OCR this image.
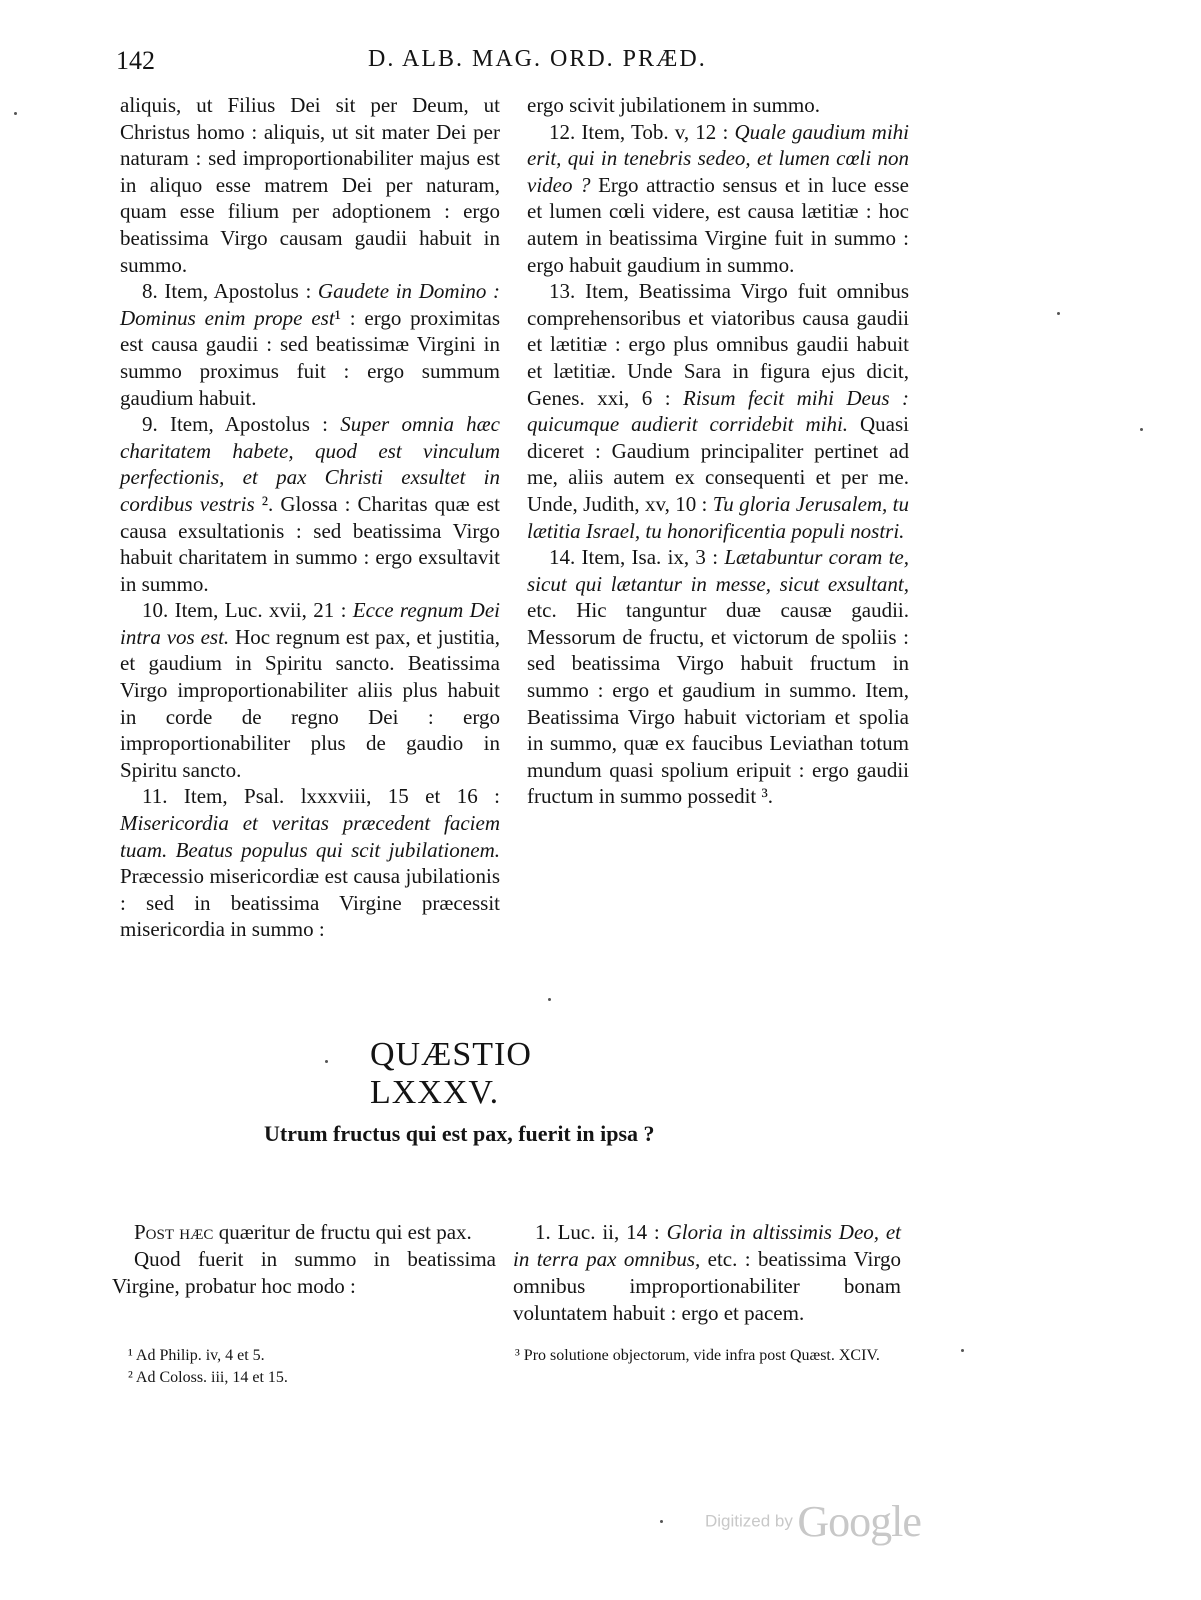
142	D. ALB. MAG. ORD. PRÆD.

aliquis, ut Filius Dei sit per Deum, ut Christus homo : aliquis, ut sit mater Dei per naturam : sed improportionabiliter majus est in aliquo esse matrem Dei per naturam, quam esse filium per adoptionem : ergo beatissima Virgo causam gaudii habuit in summo.

8. Item, Apostolus : Gaudete in Domino : Dominus enim prope est¹ : ergo proximitas est causa gaudii : sed beatissimæ Virgini in summo proximus fuit : ergo summum gaudium habuit.

9. Item, Apostolus : Super omnia hæc charitatem habete, quod est vinculum perfectionis, et pax Christi exsultet in cordibus vestris ². Glossa : Charitas quæ est causa exsultationis : sed beatissima Virgo habuit charitatem in summo : ergo exsultavit in summo.

10. Item, Luc. xvii, 21 : Ecce regnum Dei intra vos est. Hoc regnum est pax, et justitia, et gaudium in Spiritu sancto. Beatissima Virgo improportionabiliter aliis plus habuit in corde de regno Dei : ergo improportionabiliter plus de gaudio in Spiritu sancto.

11. Item, Psal. lxxxviii, 15 et 16 : Misericordia et veritas præcedent faciem tuam. Beatus populus qui scit jubilationem. Præcessio misericordiæ est causa jubilationis : sed in beatissima Virgine præcessit misericordia in summo :

ergo scivit jubilationem in summo.

12. Item, Tob. v, 12 : Quale gaudium mihi erit, qui in tenebris sedeo, et lumen cœli non video ? Ergo attractio sensus et in luce esse et lumen cœli videre, est causa lætitiæ : hoc autem in beatissima Virgine fuit in summo : ergo habuit gaudium in summo.

13. Item, Beatissima Virgo fuit omnibus comprehensoribus et viatoribus causa gaudii et lætitiæ : ergo plus omnibus gaudii habuit et lætitiæ. Unde Sara in figura ejus dicit, Genes. xxi, 6 : Risum fecit mihi Deus : quicumque audierit corridebit mihi. Quasi diceret : Gaudium principaliter pertinet ad me, aliis autem ex consequenti et per me. Unde, Judith, xv, 10 : Tu gloria Jerusalem, tu lætitia Israel, tu honorificentia populi nostri.

14. Item, Isa. ix, 3 : Lætabuntur coram te, sicut qui lætantur in messe, sicut exsultant, etc. Hic tanguntur duæ causæ gaudii. Messorum de fructu, et victorum de spoliis : sed beatissima Virgo habuit fructum in summo : ergo et gaudium in summo. Item, Beatissima Virgo habuit victoriam et spolia in summo, quæ ex faucibus Leviathan totum mundum quasi spolium eripuit : ergo gaudii fructum in summo possedit ³.

QUÆSTIO LXXXV.
Utrum fructus qui est pax, fuerit in ipsa ?

Post hæc quæritur de fructu qui est pax.

Quod fuerit in summo in beatissima Virgine, probatur hoc modo :

1. Luc. ii, 14 : Gloria in altissimis Deo, et in terra pax omnibus, etc. : beatissima Virgo omnibus improportionabiliter bonam voluntatem habuit : ergo et pacem.

¹ Ad Philip. iv, 4 et 5.

² Ad Coloss. iii, 14 et 15.

³ Pro solutione objectorum, vide infra post Quæst. XCIV.

Digitized by Google
